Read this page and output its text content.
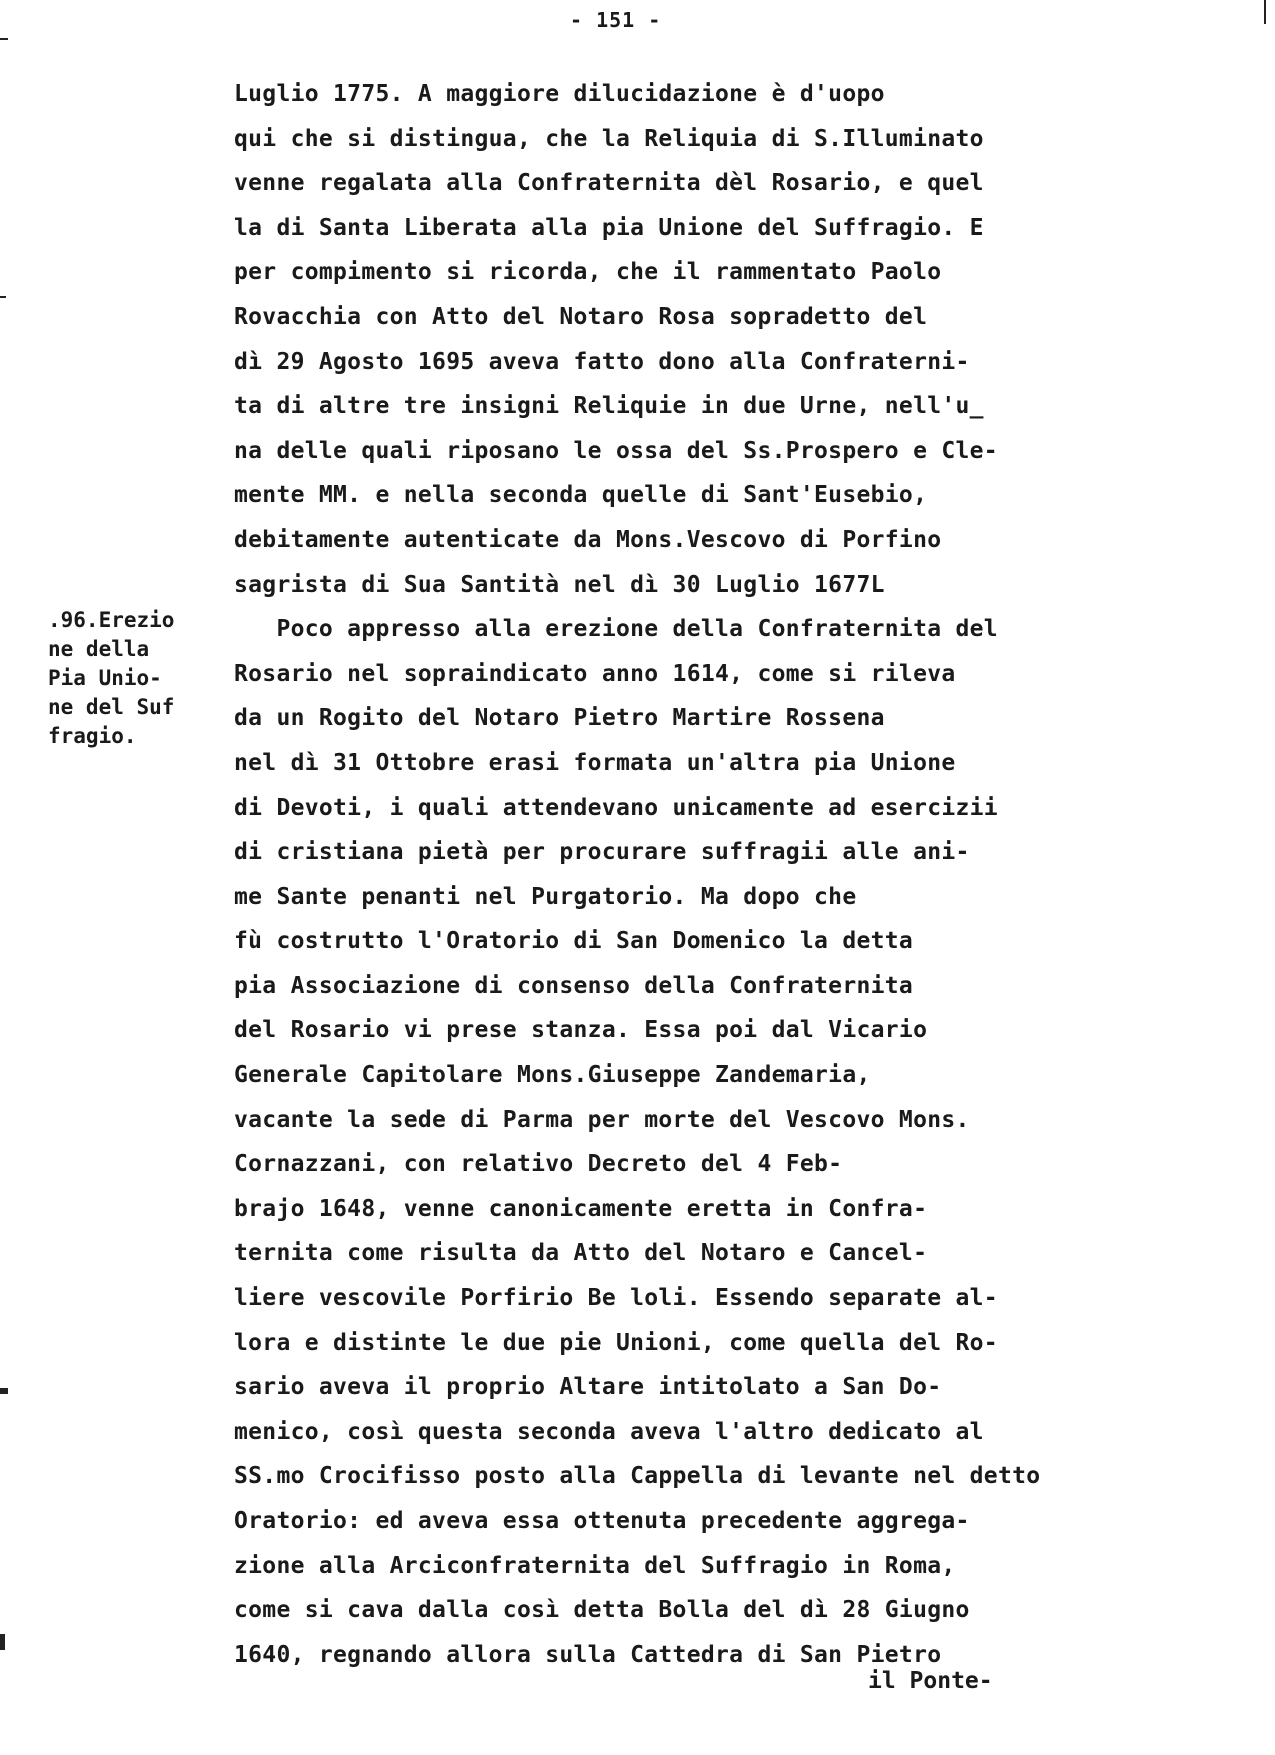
- 151 -
.96.Erezio
ne della
Pia Unio-
ne del Suf
fragio.
Luglio 1775. A maggiore dilucidazione è d'uopo
qui che si distingua, che la Reliquia di S.Illuminato
venne regalata alla Confraternita dèl Rosario, e quel
la di Santa Liberata alla pia Unione del Suffragio. E
per compimento si ricorda, che il rammentato Paolo
Rovacchia con Atto del Notaro Rosa sopradetto del
dì 29 Agosto 1695 aveva fatto dono alla Confraterni-
ta di altre tre insigni Reliquie in due Urne, nell'u_
na delle quali riposano le ossa del Ss.Prospero e Cle-
mente MM. e nella seconda quelle di Sant'Eusebio,
debitamente autenticate da Mons.Vescovo di Porfino
sagrista di Sua Santità nel dì 30 Luglio 1677L
Poco appresso alla erezione della Confraternita del
Rosario nel sopraindicato anno 1614, come si rileva
da un Rogito del Notaro Pietro Martire Rossena
nel dì 31 Ottobre erasi formata un'altra pia Unione
di Devoti, i quali attendevano unicamente ad esercizii
di cristiana pietà per procurare suffragii alle ani-
me Sante penanti nel Purgatorio. Ma dopo che
fù costrutto l'Oratorio di San Domenico la detta
pia Associazione di consenso della Confraternita
del Rosario vi prese stanza. Essa poi dal Vicario
Generale Capitolare Mons.Giuseppe Zandemaria,
vacante la sede di Parma per morte del Vescovo Mons.
Cornazzani, con relativo Decreto del 4 Feb-
brajo 1648, venne canonicamente eretta in Confra-
ternita come risulta da Atto del Notaro e Cancel-
liere vescovile Porfirio Be loli. Essendo separate al-
lora e distinte le due pie Unioni, come quella del Ro-
sario aveva il proprio Altare intitolato a San Do-
menico, così questa seconda aveva l'altro dedicato al
SS.mo Crocifisso posto alla Cappella di levante nel detto
Oratorio: ed aveva essa ottenuta precedente aggrega-
zione alla Arciconfraternita del Suffragio in Roma,
come si cava dalla così detta Bolla del dì 28 Giugno
1640, regnando allora sulla Cattedra di San Pietro
il Ponte-
